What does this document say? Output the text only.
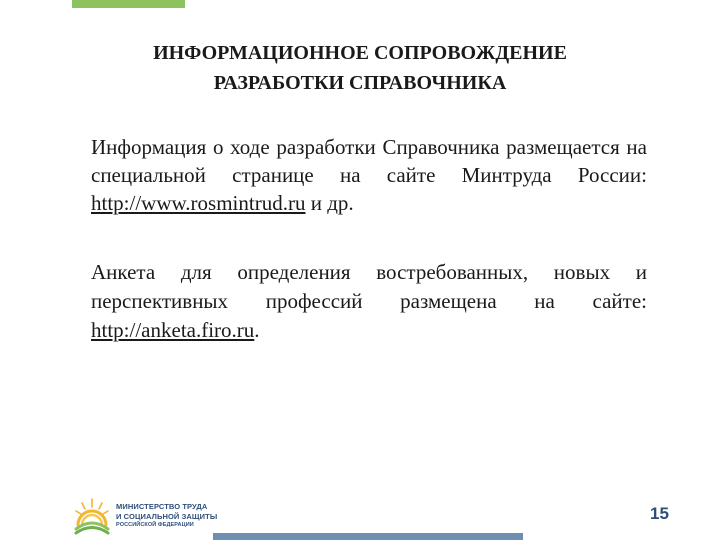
ИНФОРМАЦИОННОЕ СОПРОВОЖДЕНИЕ
РАЗРАБОТКИ СПРАВОЧНИКА
Информация о ходе разработки Справочника размещается на специальной странице на сайте Минтруда России: http://www.rosmintrud.ru и др.
Анкета для определения востребованных, новых и перспективных профессий размещена на сайте: http://anketa.firo.ru.
МИНИСТЕРСТВО ТРУДА
И СОЦИАЛЬНОЙ ЗАЩИТЫ
РОССИЙСКОЙ ФЕДЕРАЦИИ
15
